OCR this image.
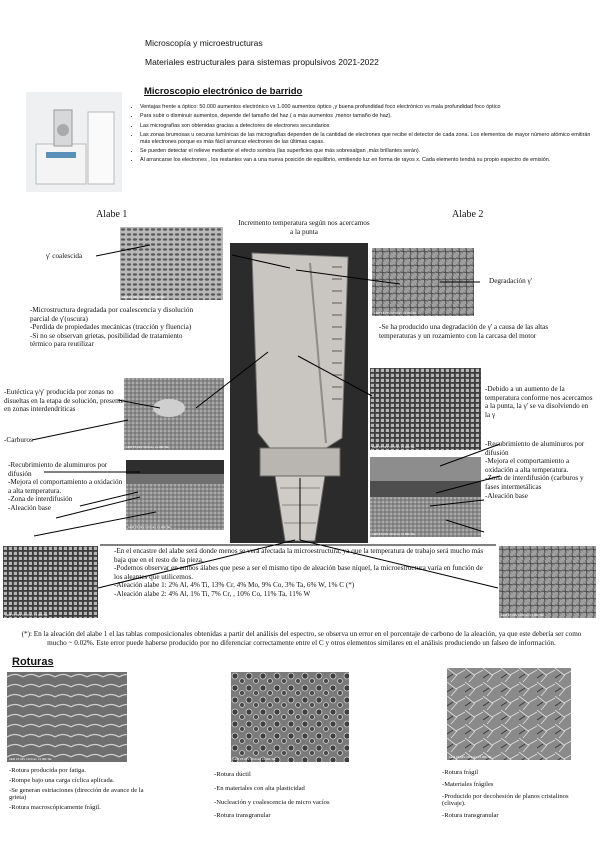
Microscopía y microestructuras
Materiales estructurales para sistemas propulsivos 2021-2022
Microscopio electrónico de barrido
• Ventajas frente a óptico: 50.000 aumentos electrónico vs 1.000 aumentos óptico ,y buena profundidad foco electrónico vs mala profundidad foco óptico
• Para subir o disminuir aumentos, depende del tamaño del haz ( a más aumentos ,menor tamaño de haz).
• Las micrografías son obtenidas gracias a detectores de electrones secundarios
• Las zonas brumosas u oscuras lumínicas de las micrografías dependen de la cantidad de electrones que recibe el detector de cada zona. Los elementos de mayor número atómico emitirán más electrones porque es más fácil arrancar electrones de las últimas capas.
• Se pueden detectar el relieve mediante el efecto sombra (las superficies que más sobresalgan ,más brillantes serán).
• Al arrancarse los electrones , los restantes van a una nueva posición de equilibrio, emitiendo luz en forma de rayos x. Cada elemento tendrá su propio espectro de emisión.
Alabe 1
Incremento temperatura según nos acercamos a la punta
Alabe 2
LEM 15.0kV 10.0mm x1.00k SE
LEM 15.0kV 10.0mm x1.00k SE
LEM 15.0kV 10.0mm x1.00k SE
LEM 15.0kV 10.0mm x1.00k SE
LEM 15.0kV 10.0mm x1.00k SE
LEM 15.0kV 10.0mm x1.00k SE
LEM 15.0kV 10.0mm x1.00k SE	LEM 15.0kV 10.0mm x1.00k SE
γ' coalescida
-Microstructura degradada por coalescencia y disolución parcial de γ'(oscura)
-Perdida de propiedades mecánicas (tracción y fluencia)
-Si no se observan grietas, posibilidad de tratamiento térmico para reutilizar
-Eutéctica γ/γ' producida por zonas no disueltas en la etapa de solución, presente en zonas interdendríticas
-Carburos
-Recubrimiento de aluminuros por difusión
-Mejora el comportamiento a oxidación a alta temperatura.
-Zona de interdifusión
-Aleación base
Degradación γ'
-Se ha producido una degradación de γ' a causa de las altas temperaturas y un rozamiento con la carcasa del motor
-Debido a un aumento de la temperatura conforme nos acercamos a la punta, la γ' se va disolviendo en la γ
-Recubrimiento de aluminuros por difusión
-Mejora el comportamiento a oxidación a alta temperatura.
-Zona de interdifusión (carburos y fases intermetálicas
-Aleación base
-En el encastre del alabe será donde menos se verá afectada la microestructura, ya que la temperatura de trabajo será mucho más baja que en el resto de la pieza.
-Podemos observar en ambos álabes que pese a ser el mismo tipo de aleación base níquel, la microestructura varía en función de los aleantes que utilicemos.
-Aleación alabe 1: 2% Al, 4% Ti, 13% Cr, 4% Mo, 9% Co, 3% Ta, 6% W, 1% C (*)
-Aleación alabe 2: 4% Al, 1% Ti, 7% Cr, , 10% Co, 11% Ta, 11% W
(*): En la aleación del alabe 1 el las tablas composicionales obtenidas a partir del análisis del espectro, se observa un error en el porcentaje de carbono de la aleación, ya que este debería ser como mucho ~ 0.02%. Este error puede haberse producido por no diferenciar correctamente entre el C y otros elementos similares en el análisis produciendo un falseo de información.
Roturas
LEM 15.0kV 10.0mm x1.00k SE	LEM 15.0kV 10.0mm x1.00k SE	LEM 15.0kV 10.0mm x1.00k SE
-Rotura producida por fatiga.
-Rompe bajo una carga cíclica aplicada.
-Se generan estriaciones (dirección de avance de la grieta)
-Rotura macroscópicamente frágil.
-Rotura dúctil
-En materiales con alta plasticidad
-Nucleación y coalescencia de micro vacíos
-Rotura transgranular
-Rotura frágil
-Materiales frágiles
-Producido por decohesión de planos cristalinos (clivaje).
-Rotura transgranular
